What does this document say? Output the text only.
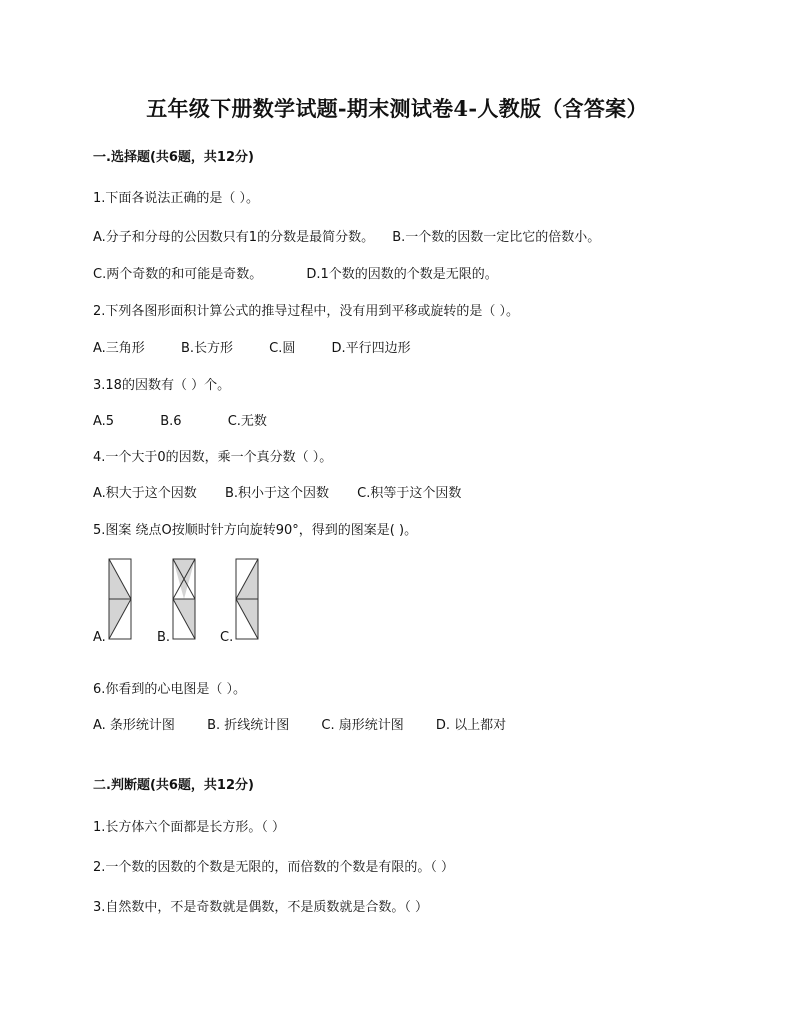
五年级下册数学试题-期末测试卷4-人教版（含答案）
一.选择题(共6题，共12分)
1.下面各说法正确的是（ ）。
A.分子和分母的公因数只有1的分数是最简分数。 B.一个数的因数一定比它的倍数小。
C.两个奇数的和可能是奇数。	D.1个数的因数的个数是无限的。
2.下列各图形面积计算公式的推导过程中，没有用到平移或旋转的是（ ）。
A.三角形	B.长方形	C.圆	D.平行四边形
3.18的因数有（ ）个。
A.5	B.6	C.无数
4.一个大于0的因数，乘一个真分数（ ）。
A.积大于这个因数 B.积小于这个因数 C.积等于这个因数
5.图案 绕点O按顺时针方向旋转90°，得到的图案是( )。
A.	B.	C.
6.你看到的心电图是（ ）。
A. 条形统计图 B. 折线统计图 C. 扇形统计图 D. 以上都对
二.判断题(共6题，共12分)
1.长方体六个面都是长方形。（ ）
2.一个数的因数的个数是无限的，而倍数的个数是有限的。（ ）
3.自然数中，不是奇数就是偶数，不是质数就是合数。（ ）
